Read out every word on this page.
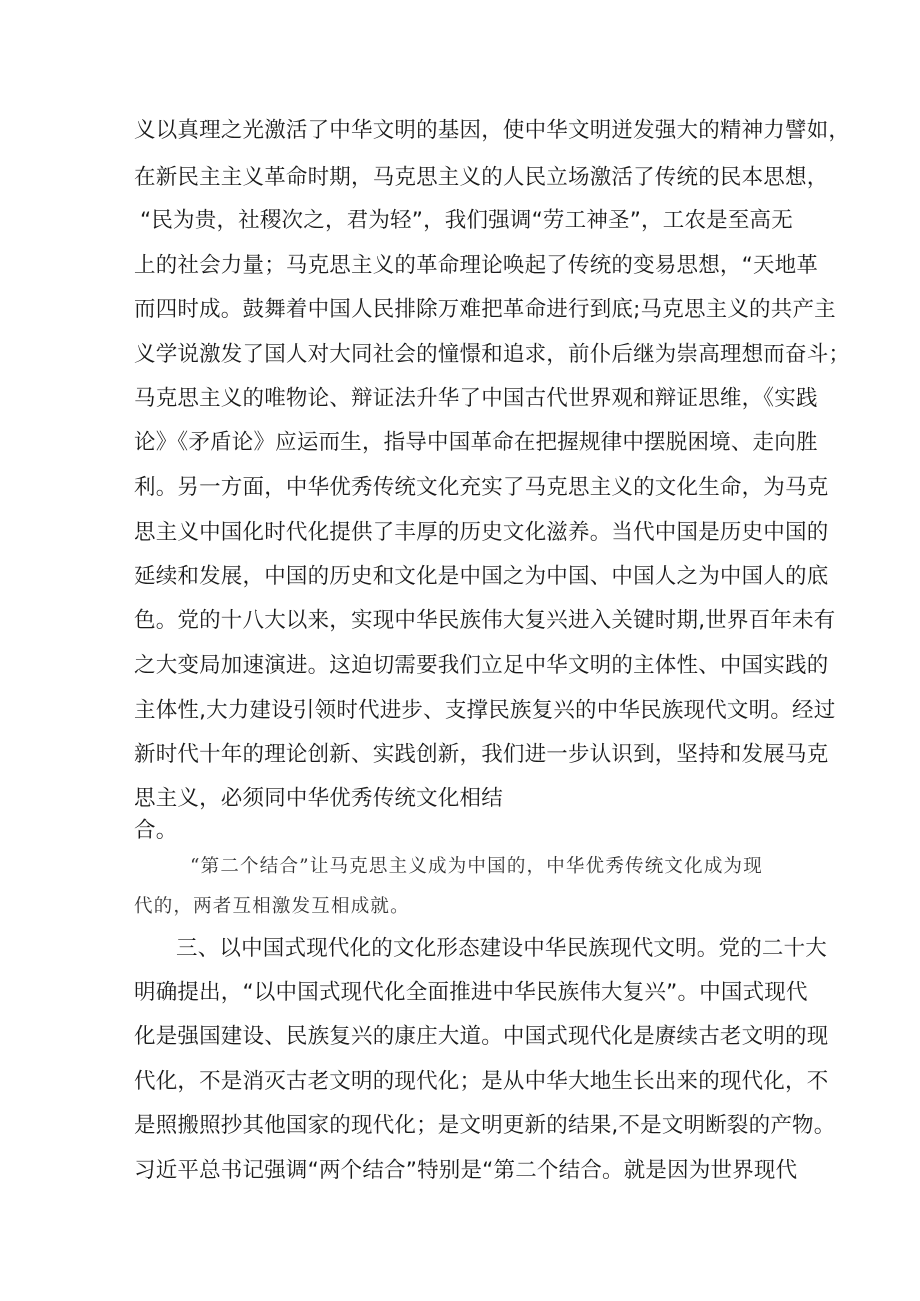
义以真理之光激活了中华文明的基因，使中华文明迸发强大的精神力譬如，
在新民主主义革命时期，马克思主义的人民立场激活了传统的民本思想，
“民为贵，社稷次之，君为轻”，我们强调“劳工神圣”，工农是至高无
上的社会力量；马克思主义的革命理论唤起了传统的变易思想，“天地革
而四时成。鼓舞着中国人民排除万难把革命进行到底;马克思主义的共产主
义学说激发了国人对大同社会的憧憬和追求，前仆后继为崇高理想而奋斗；
马克思主义的唯物论、辩证法升华了中国古代世界观和辩证思维，《实践
论》《矛盾论》应运而生，指导中国革命在把握规律中摆脱困境、走向胜
利。另一方面，中华优秀传统文化充实了马克思主义的文化生命，为马克
思主义中国化时代化提供了丰厚的历史文化滋养。当代中国是历史中国的
延续和发展，中国的历史和文化是中国之为中国、中国人之为中国人的底
色。党的十八大以来，实现中华民族伟大复兴进入关键时期,世界百年未有
之大变局加速演进。这迫切需要我们立足中华文明的主体性、中国实践的
主体性,大力建设引领时代进步、支撑民族复兴的中华民族现代文明。经过
新时代十年的理论创新、实践创新，我们进一步认识到，坚持和发展马克
思主义，必须同中华优秀传统文化相结
合。
“第二个结合”让马克思主义成为中国的，中华优秀传统文化成为现
代的，两者互相激发互相成就。
三、以中国式现代化的文化形态建设中华民族现代文明。党的二十大
明确提出，“以中国式现代化全面推进中华民族伟大复兴”。中国式现代
化是强国建设、民族复兴的康庄大道。中国式现代化是赓续古老文明的现
代化，不是消灭古老文明的现代化；是从中华大地生长出来的现代化，不
是照搬照抄其他国家的现代化；是文明更新的结果,不是文明断裂的产物。
习近平总书记强调“两个结合”特别是“第二个结合。就是因为世界现代
